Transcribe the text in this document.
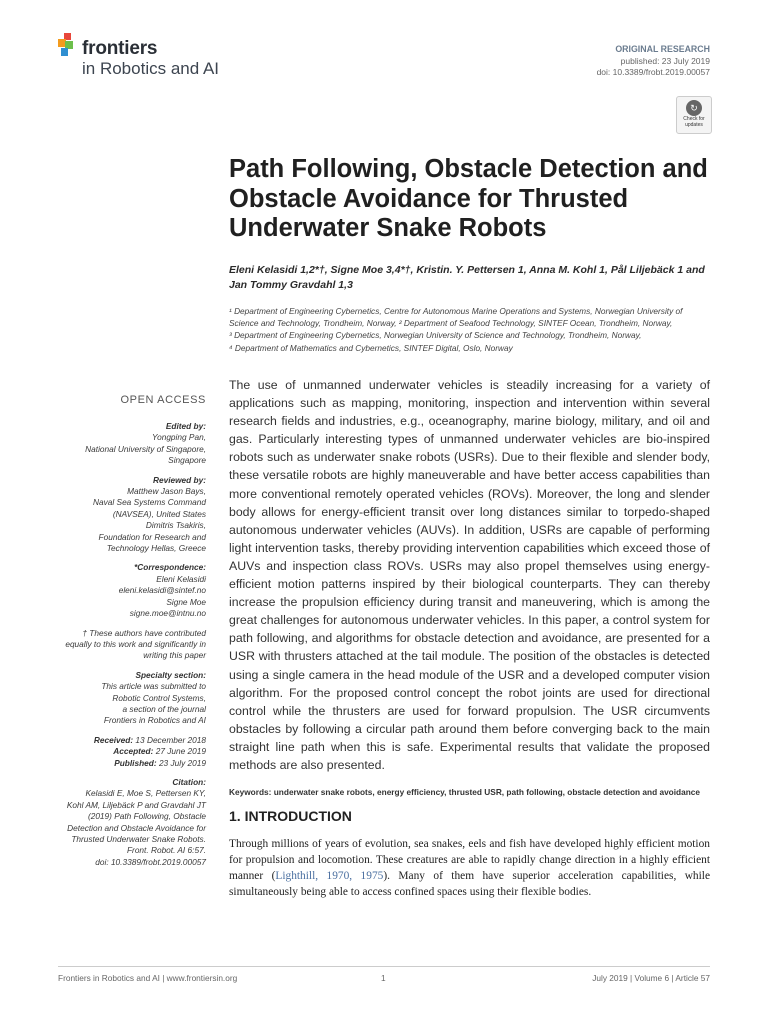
frontiers
in Robotics and AI
ORIGINAL RESEARCH
published: 23 July 2019
doi: 10.3389/frobt.2019.00057
↻
Check for updates
Path Following, Obstacle Detection and Obstacle Avoidance for Thrusted Underwater Snake Robots
Eleni Kelasidi 1,2*†, Signe Moe 3,4*†, Kristin. Y. Pettersen 1, Anna M. Kohl 1, Pål Liljebäck 1 and
Jan Tommy Gravdahl 1,3
¹ Department of Engineering Cybernetics, Centre for Autonomous Marine Operations and Systems, Norwegian University of
Science and Technology, Trondheim, Norway, ² Department of Seafood Technology, SINTEF Ocean, Trondheim, Norway,
³ Department of Engineering Cybernetics, Norwegian University of Science and Technology, Trondheim, Norway,
⁴ Department of Mathematics and Cybernetics, SINTEF Digital, Oslo, Norway
OPEN ACCESS
Edited by:
Yongping Pan,
National University of Singapore,
Singapore
Reviewed by:
Matthew Jason Bays,
Naval Sea Systems Command
(NAVSEA), United States
Dimitris Tsakiris,
Foundation for Research and
Technology Hellas, Greece
*Correspondence:
Eleni Kelasidi
eleni.kelasidi@sintef.no
Signe Moe
signe.moe@intnu.no
† These authors have contributed
equally to this work and significantly in
writing this paper
Specialty section:
This article was submitted to
Robotic Control Systems,
a section of the journal
Frontiers in Robotics and AI
Received: 13 December 2018
Accepted: 27 June 2019
Published: 23 July 2019
Citation:
Kelasidi E, Moe S, Pettersen KY,
Kohl AM, Liljebäck P and Gravdahl JT
(2019) Path Following, Obstacle
Detection and Obstacle Avoidance for
Thrusted Underwater Snake Robots.
Front. Robot. AI 6:57.
doi: 10.3389/frobt.2019.00057
The use of unmanned underwater vehicles is steadily increasing for a variety of applications such as mapping, monitoring, inspection and intervention within several research fields and industries, e.g., oceanography, marine biology, military, and oil and gas. Particularly interesting types of unmanned underwater vehicles are bio-inspired robots such as underwater snake robots (USRs). Due to their flexible and slender body, these versatile robots are highly maneuverable and have better access capabilities than more conventional remotely operated vehicles (ROVs). Moreover, the long and slender body allows for energy-efficient transit over long distances similar to torpedo-shaped autonomous underwater vehicles (AUVs). In addition, USRs are capable of performing light intervention tasks, thereby providing intervention capabilities which exceed those of AUVs and inspection class ROVs. USRs may also propel themselves using energy-efficient motion patterns inspired by their biological counterparts. They can thereby increase the propulsion efficiency during transit and maneuvering, which is among the great challenges for autonomous underwater vehicles. In this paper, a control system for path following, and algorithms for obstacle detection and avoidance, are presented for a USR with thrusters attached at the tail module. The position of the obstacles is detected using a single camera in the head module of the USR and a developed computer vision algorithm. For the proposed control concept the robot joints are used for directional control while the thrusters are used for forward propulsion. The USR circumvents obstacles by following a circular path around them before converging back to the main straight line path when this is safe. Experimental results that validate the proposed methods are also presented.
Keywords: underwater snake robots, energy efficiency, thrusted USR, path following, obstacle detection and avoidance
1. INTRODUCTION
Through millions of years of evolution, sea snakes, eels and fish have developed highly efficient motion for propulsion and locomotion. These creatures are able to rapidly change direction in a highly efficient manner (Lighthill, 1970, 1975). Many of them have superior acceleration capabilities, while simultaneously being able to access confined spaces using their flexible bodies.
Frontiers in Robotics and AI | www.frontiersin.org	1	July 2019 | Volume 6 | Article 57
